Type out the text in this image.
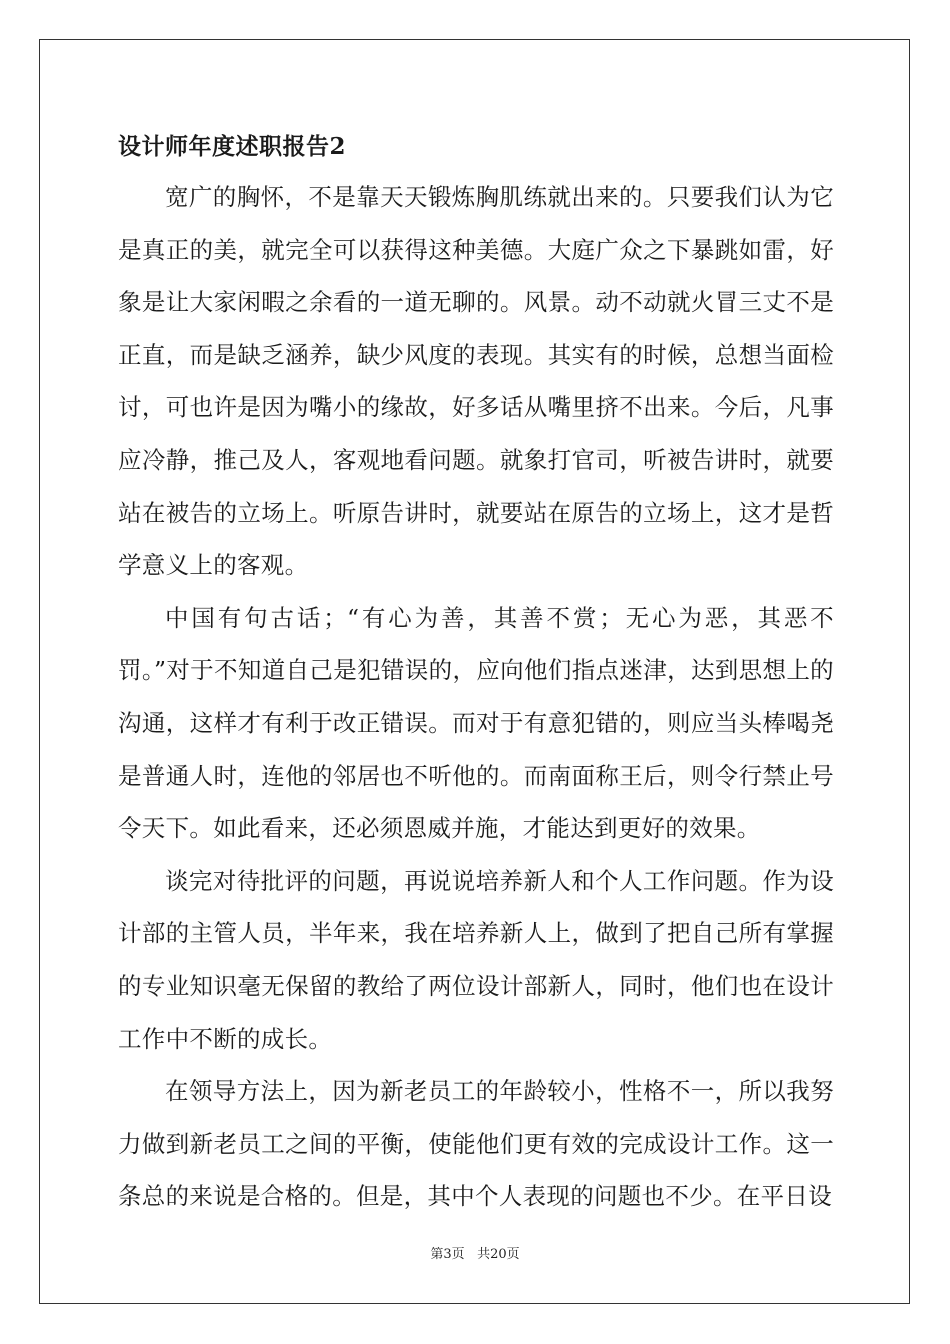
设计师年度述职报告2

宽广的胸怀，不是靠天天锻炼胸肌练就出来的。只要我们认为它是真正的美，就完全可以获得这种美德。大庭广众之下暴跳如雷，好象是让大家闲暇之余看的一道无聊的。风景。动不动就火冒三丈不是正直，而是缺乏涵养，缺少风度的表现。其实有的时候，总想当面检讨，可也许是因为嘴小的缘故，好多话从嘴里挤不出来。今后，凡事应冷静，推己及人，客观地看问题。就象打官司，听被告讲时，就要站在被告的立场上。听原告讲时，就要站在原告的立场上，这才是哲学意义上的客观。

中国有句古话；“有心为善，其善不赏；无心为恶，其恶不罚。”对于不知道自己是犯错误的，应向他们指点迷津，达到思想上的沟通，这样才有利于改正错误。而对于有意犯错的，则应当头棒喝尧是普通人时，连他的邻居也不听他的。而南面称王后，则令行禁止号令天下。如此看来，还必须恩威并施，才能达到更好的效果。

谈完对待批评的问题，再说说培养新人和个人工作问题。作为设计部的主管人员，半年来，我在培养新人上，做到了把自己所有掌握的专业知识毫无保留的教给了两位设计部新人，同时，他们也在设计工作中不断的成长。

在领导方法上，因为新老员工的年龄较小，性格不一，所以我努力做到新老员工之间的平衡，使能他们更有效的完成设计工作。这一条总的来说是合格的。但是，其中个人表现的问题也不少。在平日设

第3页 共20页
